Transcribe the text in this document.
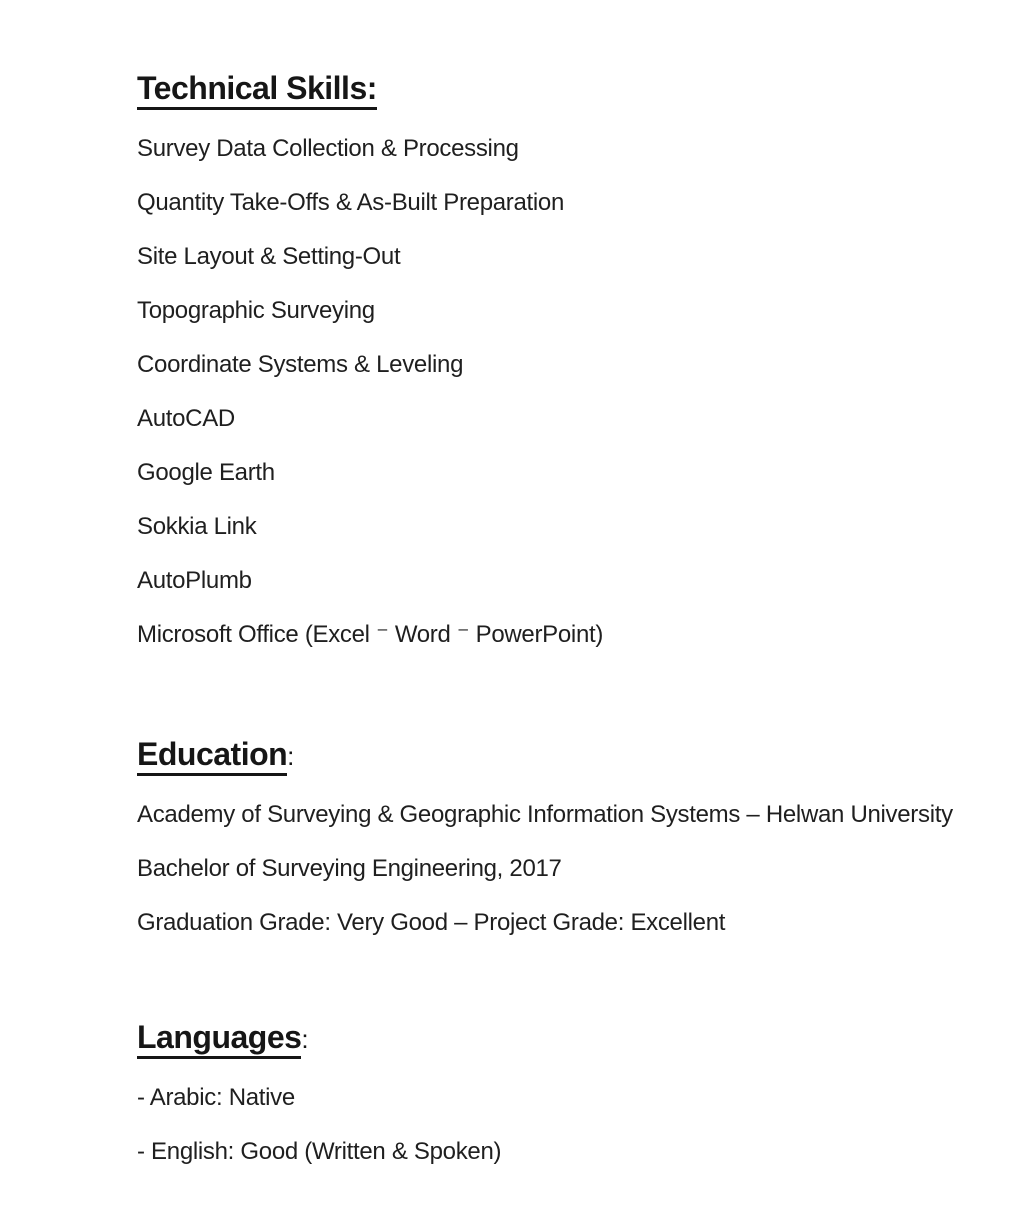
Technical Skills:

Survey Data Collection & Processing

Quantity Take-Offs & As-Built Preparation

Site Layout & Setting-Out

Topographic Surveying

Coordinate Systems & Leveling

AutoCAD

Google Earth

Sokkia Link

AutoPlumb

Microsoft Office (Excel ⁻ Word ⁻ PowerPoint)

Education:

Academy of Surveying & Geographic Information Systems – Helwan University

Bachelor of Surveying Engineering, 2017

Graduation Grade: Very Good – Project Grade: Excellent

Languages:

- Arabic: Native

- English: Good (Written & Spoken)
